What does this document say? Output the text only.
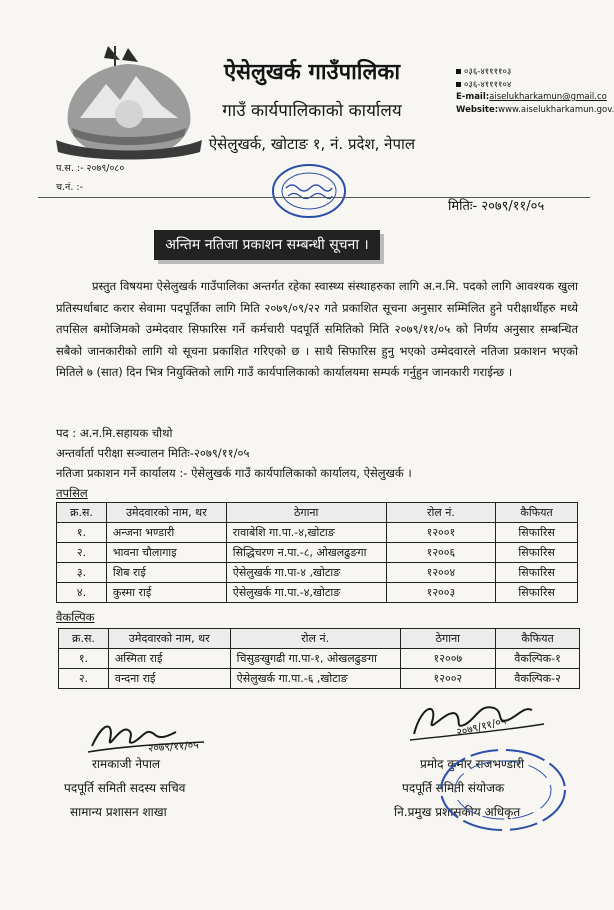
ऐसेलुखर्क गाउँपालिका
गाउँ कार्यपालिकाको कार्यालय
ऐसेलुखर्क, खोटाङ १, नं. प्रदेश, नेपाल
०३६-४११११०३
०३६-४११११०४
E-mail:aiselukharkamun@gmail.co
Website:www.aiselukharkamun.gov.
प.स. :- २०७९/०८०
च.नं. :-
मितिः- २०७९/११/०५
अन्तिम नतिजा प्रकाशन सम्बन्धी सूचना ।
प्रस्तुत विषयमा ऐसेलुखर्क गाउँपालिका अन्तर्गत रहेका स्वास्थ्य संस्थाहरुका लागि अ.न.मि. पदको लागि आवश्यक खुला प्रतिस्पर्धाबाट करार सेवामा पदपूर्तिका लागि मिति २०७९/०९/२२ गते प्रकाशित सूचना अनुसार सम्मिलित हुने परीक्षार्थीहरु मध्ये तपसिल बमोजिमको उम्मेदवार सिफारिस गर्ने कर्मचारी पदपूर्ति समितिको मिति २०७९/११/०५ को निर्णय अनुसार सम्बन्धित सबैको जानकारीको लागि यो सूचना प्रकाशित गरिएको छ । साथै सिफारिस हुनु भएको उम्मेदवारले नतिजा प्रकाशन भएको मितिले ७ (सात) दिन भित्र नियुक्तिको लागि गाउँ कार्यपालिकाको कार्यालयमा सम्पर्क गर्नुहुन जानकारी गराईन्छ ।
पद : अ.न.मि.सहायक चौथो
अन्तर्वार्ता परीक्षा सञ्चालन मितिः-२०७९/११/०५
नतिजा प्रकाशन गर्ने कार्यालय :- ऐसेलुखर्क गाउँ कार्यपालिकाको कार्यालय, ऐसेलुखर्क ।
तपसिल
क्र.स.	उमेदवारको नाम, थर	ठेगाना	रोल नं.	कैफियत
१.	अन्जना भण्डारी	रावाबेशि गा.पा.-४,खोटाङ	१२००१	सिफारिस
२.	भावना चौलागाइ	सिद्धिचरण न.पा.-८, ओखलढुङगा	१२००६	सिफारिस
३.	शिब राई	ऐसेलुखर्क गा.पा-४ ,खोटाङ	१२००४	सिफारिस
४.	कुस्मा राई	ऐसेलुखर्क गा.पा.-४,खोटाङ	१२००३	सिफारिस
वैकल्पिक
क्र.स.	उमेदवारको नाम, थर	रोल नं.	ठेगाना	कैफियत
१.	अस्मिता राई	चिसुङखुगढी गा.पा-१, ओखलढुङगा	१२००७	वैकल्पिक-१
२.	वन्दना राई	ऐसेलुखर्क गा.पा.-६ ,खोटाङ	१२००२	वैकल्पिक-२
२०७९/११/०५
रामकाजी नेपाल
पदपूर्ति समिती सदस्य सचिव
सामान्य प्रशासन शाखा
२०७९/११/०५
प्रमोद कुमार राजभण्डारी
पदपूर्ति समिती संयोजक
नि.प्रमुख प्रशासकीय अधिकृत
